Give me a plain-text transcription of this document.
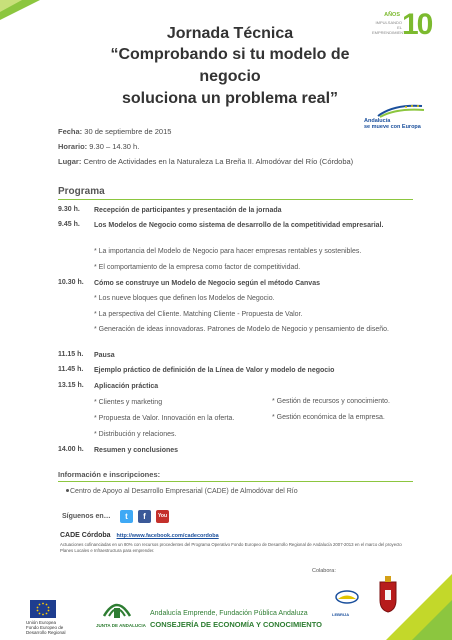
Jornada Técnica
“Comprobando si tu modelo de negocio
soluciona un problema real”
AÑOS
IMPULSANDO EL EMPRENDIMIENTO
10
Andalucía
se mueve con Europa
Fecha: 30 de septiembre de 2015
Horario: 9.30 – 14.30 h.
Lugar: Centro de Actividades en la Naturaleza La Breña II. Almodóvar del Río (Córdoba)
Programa
9.30 h. Recepción de participantes y presentación de la jornada
9.45 h. Los Modelos de Negocio como sistema de desarrollo de la competitividad empresarial.
* La importancia del Modelo de Negocio para hacer empresas rentables y sostenibles.
* El comportamiento de la empresa como factor de competitividad.
10.30 h. Cómo se construye un Modelo de Negocio según el método Canvas
* Los nueve bloques que definen los Modelos de Negocio.
* La perspectiva del Cliente. Matching Cliente - Propuesta de Valor.
* Generación de ideas innovadoras. Patrones de Modelo de Negocio y pensamiento de diseño.
11.15 h. Pausa
11.45 h. Ejemplo práctico de definición de la Línea de Valor y modelo de negocio
13.15 h. Aplicación práctica
* Clientes y marketing
* Propuesta de Valor. Innovación en la oferta.
* Distribución y relaciones.
* Gestión de recursos y conocimiento.
* Gestión económica de la empresa.
14.00 h. Resumen y conclusiones
Información e inscripciones:
Centro de Apoyo al Desarrollo Empresarial (CADE) de Almodóvar del Río
Síguenos en…	t	f	You
CADE Córdoba http://www.facebook.com/cadecordoba
Actuaciones cofinanciadas en un 80% con recursos procedentes del Programa Operativo Fondo Europeo de Desarrollo Regional de Andalucía 2007-2013 en el marco del proyecto Planes Locales e Infraestructura para emprender.
Colabora:
Unión Europea
Fondo Europeo de Desarrollo Regional
JUNTA DE ANDALUCIA
Andalucía Emprende, Fundación Pública Andaluza
CONSEJERÍA DE ECONOMÍA Y CONOCIMIENTO
LEBRIJA
